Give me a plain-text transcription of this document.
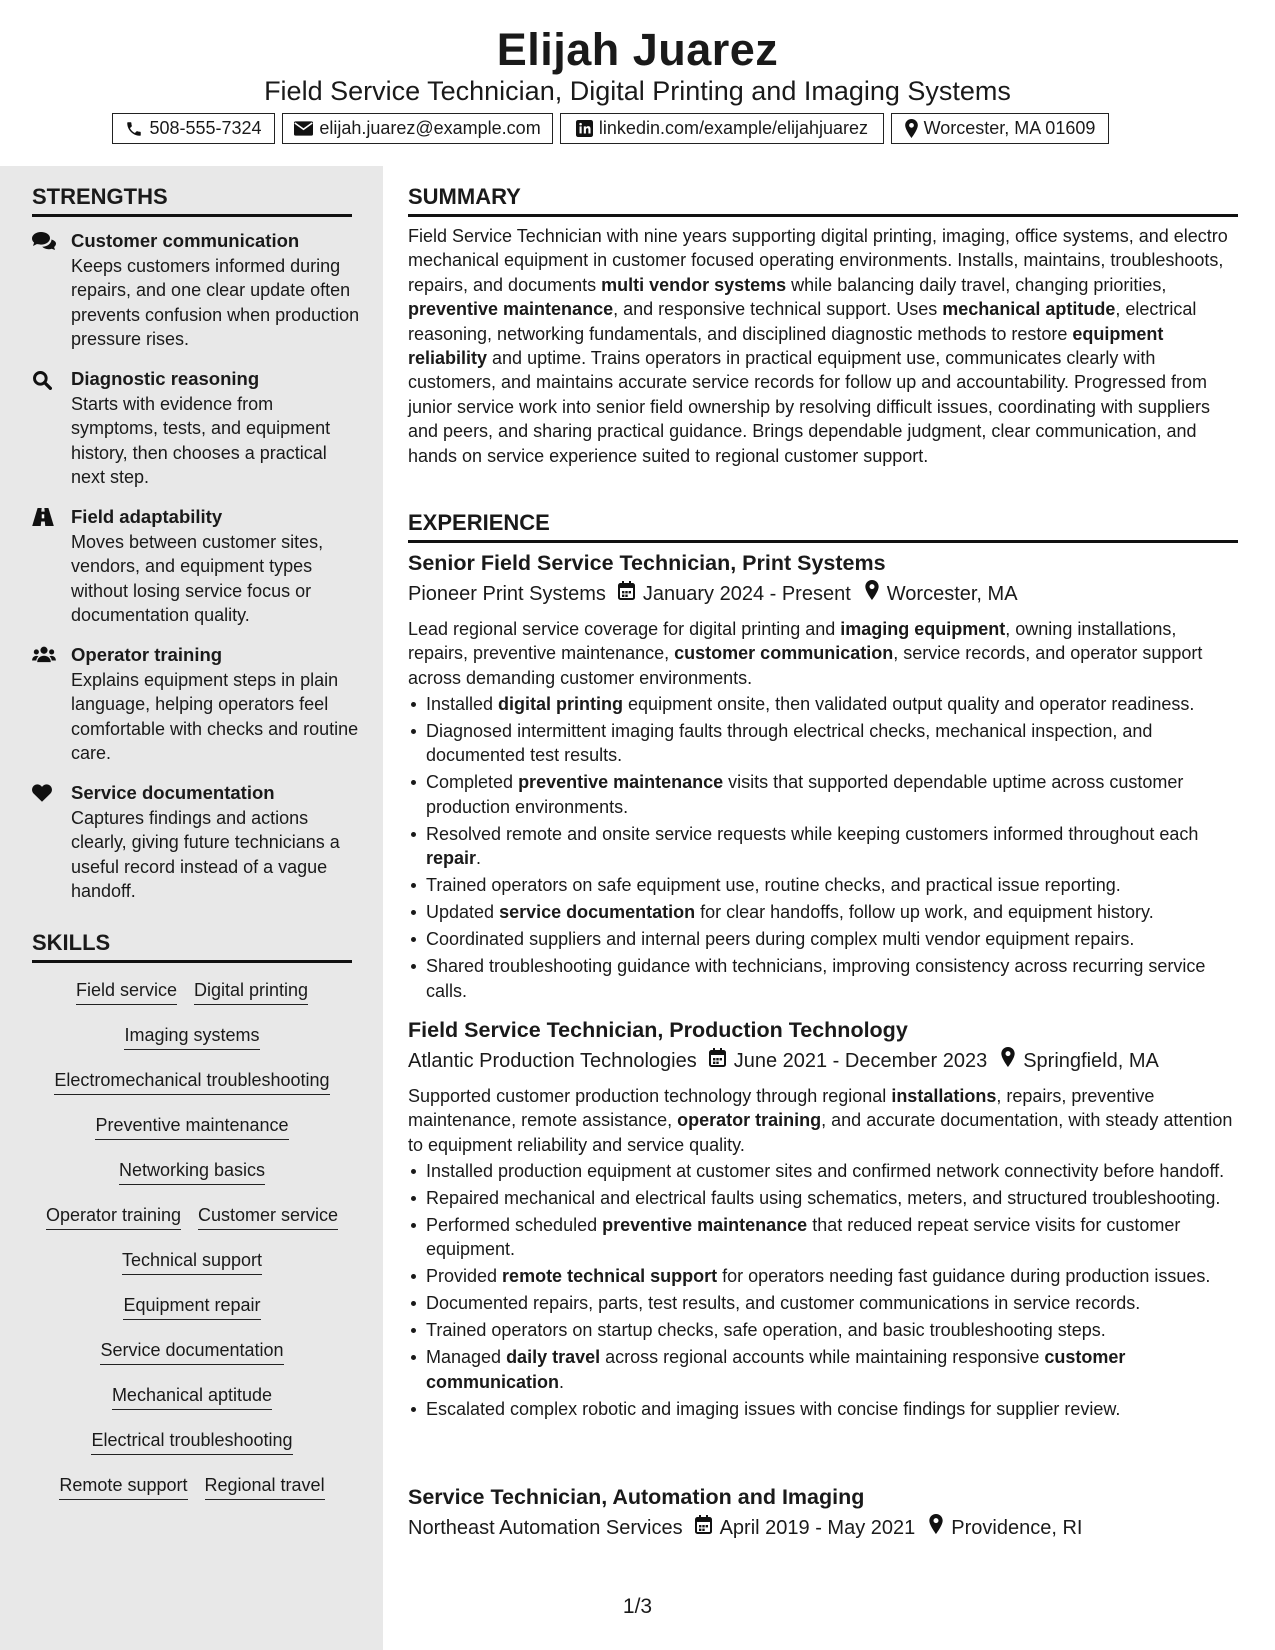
Elijah Juarez
Field Service Technician, Digital Printing and Imaging Systems
508-555-7324	elijah.juarez@example.com	linkedin.com/example/elijahjuarez	Worcester, MA 01609
STRENGTHS
Customer communication
Keeps customers informed during repairs, and one clear update often prevents confusion when production pressure rises.
Diagnostic reasoning
Starts with evidence from symptoms, tests, and equipment history, then chooses a practical next step.
Field adaptability
Moves between customer sites, vendors, and equipment types without losing service focus or documentation quality.
Operator training
Explains equipment steps in plain language, helping operators feel comfortable with checks and routine care.
Service documentation
Captures findings and actions clearly, giving future technicians a useful record instead of a vague handoff.
SKILLS
Field service Digital printing
Imaging systems
Electromechanical troubleshooting
Preventive maintenance
Networking basics
Operator training Customer service
Technical support
Equipment repair
Service documentation
Mechanical aptitude
Electrical troubleshooting
Remote support Regional travel
SUMMARY
Field Service Technician with nine years supporting digital printing, imaging, office systems, and electro mechanical equipment in customer focused operating environments. Installs, maintains, troubleshoots, repairs, and documents multi vendor systems while balancing daily travel, changing priorities, preventive maintenance, and responsive technical support. Uses mechanical aptitude, electrical reasoning, networking fundamentals, and disciplined diagnostic methods to restore equipment reliability and uptime. Trains operators in practical equipment use, communicates clearly with customers, and maintains accurate service records for follow up and accountability. Progressed from junior service work into senior field ownership by resolving difficult issues, coordinating with suppliers and peers, and sharing practical guidance. Brings dependable judgment, clear communication, and hands on service experience suited to regional customer support.
EXPERIENCE
Senior Field Service Technician, Print Systems
Pioneer Print Systems January 2024 - Present Worcester, MA
Lead regional service coverage for digital printing and imaging equipment, owning installations, repairs, preventive maintenance, customer communication, service records, and operator support across demanding customer environments.
Installed digital printing equipment onsite, then validated output quality and operator readiness.
Diagnosed intermittent imaging faults through electrical checks, mechanical inspection, and documented test results.
Completed preventive maintenance visits that supported dependable uptime across customer production environments.
Resolved remote and onsite service requests while keeping customers informed throughout each repair.
Trained operators on safe equipment use, routine checks, and practical issue reporting.
Updated service documentation for clear handoffs, follow up work, and equipment history.
Coordinated suppliers and internal peers during complex multi vendor equipment repairs.
Shared troubleshooting guidance with technicians, improving consistency across recurring service calls.
Field Service Technician, Production Technology
Atlantic Production Technologies June 2021 - December 2023 Springfield, MA
Supported customer production technology through regional installations, repairs, preventive maintenance, remote assistance, operator training, and accurate documentation, with steady attention to equipment reliability and service quality.
Installed production equipment at customer sites and confirmed network connectivity before handoff.
Repaired mechanical and electrical faults using schematics, meters, and structured troubleshooting.
Performed scheduled preventive maintenance that reduced repeat service visits for customer equipment.
Provided remote technical support for operators needing fast guidance during production issues.
Documented repairs, parts, test results, and customer communications in service records.
Trained operators on startup checks, safe operation, and basic troubleshooting steps.
Managed daily travel across regional accounts while maintaining responsive customer communication.
Escalated complex robotic and imaging issues with concise findings for supplier review.
Service Technician, Automation and Imaging
Northeast Automation Services April 2019 - May 2021 Providence, RI
1/3
